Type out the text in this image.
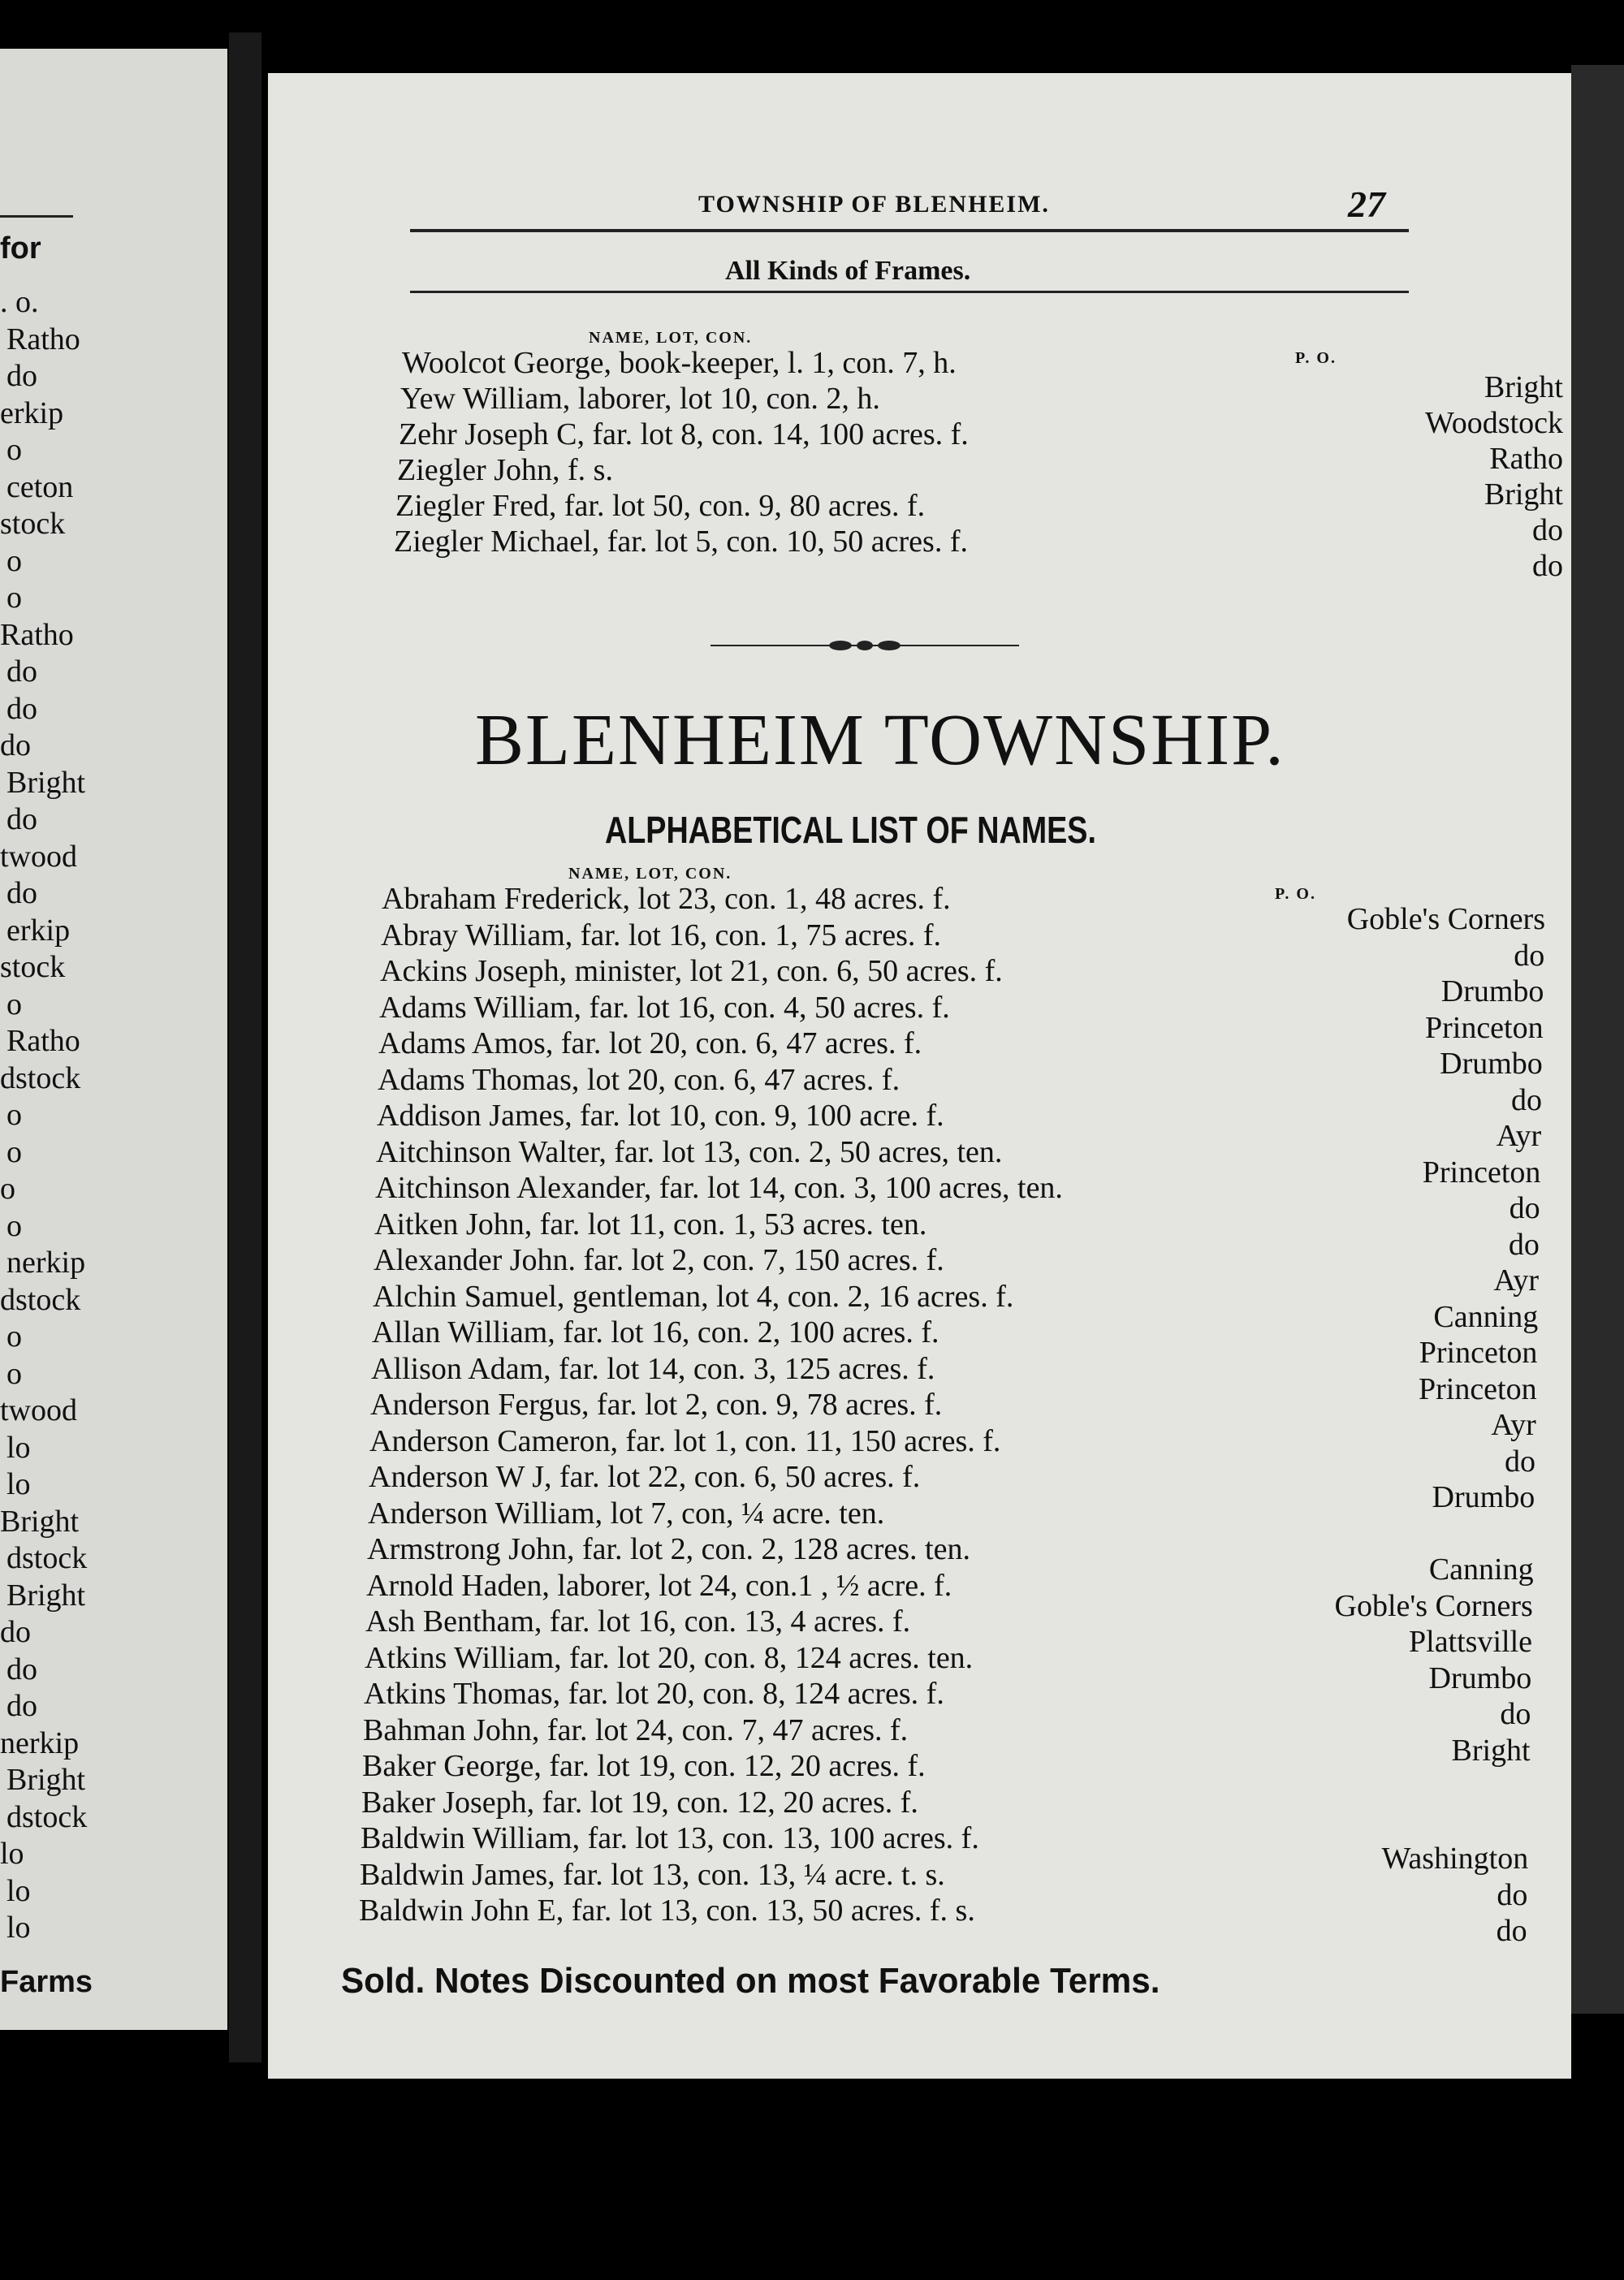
for
. o.
Ratho
do
erkip
o
ceton
stock
o
o
Ratho
do
do
do
Bright
do
twood
do
erkip
stock
o
Ratho
dstock
o
o
o
o
nerkip
dstock
o
o
twood
lo
lo
Bright
dstock
Bright
do
do
do
nerkip
Bright
dstock
lo
lo
lo
Farms
TOWNSHIP OF BLENHEIM.	27
All Kinds of Frames.
NAME, LOT, CON.
P. O.
Woolcot George, book-keeper, l. 1, con. 7, h.
Bright
Yew William, laborer, lot 10, con. 2, h.
Woodstock
Zehr Joseph C, far. lot 8, con. 14, 100 acres. f.
Ratho
Ziegler John, f. s.
Bright
Ziegler Fred, far. lot 50, con. 9, 80 acres. f.
do
Ziegler Michael, far. lot 5, con. 10, 50 acres. f.
do
BLENHEIM TOWNSHIP.
ALPHABETICAL LIST OF NAMES.
NAME, LOT, CON.
P. O.
Abraham Frederick, lot 23, con. 1, 48 acres. f.
Goble's Corners
Abray William, far. lot 16, con. 1, 75 acres. f.
do
Ackins Joseph, minister, lot 21, con. 6, 50 acres. f.
Drumbo
Adams William, far. lot 16, con. 4, 50 acres. f.
Princeton
Adams Amos, far. lot 20, con. 6, 47 acres. f.
Drumbo
Adams Thomas, lot 20, con. 6, 47 acres. f.
do
Addison James, far. lot 10, con. 9, 100 acre. f.
Ayr
Aitchinson Walter, far. lot 13, con. 2, 50 acres, ten.
Princeton
Aitchinson Alexander, far. lot 14, con. 3, 100 acres, ten.
do
Aitken John, far. lot 11, con. 1, 53 acres. ten.
do
Alexander John. far. lot 2, con. 7, 150 acres. f.
Ayr
Alchin Samuel, gentleman, lot 4, con. 2, 16 acres. f.
Canning
Allan William, far. lot 16, con. 2, 100 acres. f.
Princeton
Allison Adam, far. lot 14, con. 3, 125 acres. f.
Princeton
Anderson Fergus, far. lot 2, con. 9, 78 acres. f.
Ayr
Anderson Cameron, far. lot 1, con. 11, 150 acres. f.
do
Anderson W J, far. lot 22, con. 6, 50 acres. f.
Drumbo
Anderson William, lot 7, con, ¼ acre. ten.
Armstrong John, far. lot 2, con. 2, 128 acres. ten.
Canning
Arnold Haden, laborer, lot 24, con.1 , ½ acre. f.
Goble's Corners
Ash Bentham, far. lot 16, con. 13, 4 acres. f.
Plattsville
Atkins William, far. lot 20, con. 8, 124 acres. ten.
Drumbo
Atkins Thomas, far. lot 20, con. 8, 124 acres. f.
do
Bahman John, far. lot 24, con. 7, 47 acres. f.
Bright
Baker George, far. lot 19, con. 12, 20 acres. f.
Baker Joseph, far. lot 19, con. 12, 20 acres. f.
Baldwin William, far. lot 13, con. 13, 100 acres. f.
Washington
Baldwin James, far. lot 13, con. 13, ¼ acre. t. s.
do
Baldwin John E, far. lot 13, con. 13, 50 acres. f. s.
do
Sold. Notes Discounted on most Favorable Terms.
